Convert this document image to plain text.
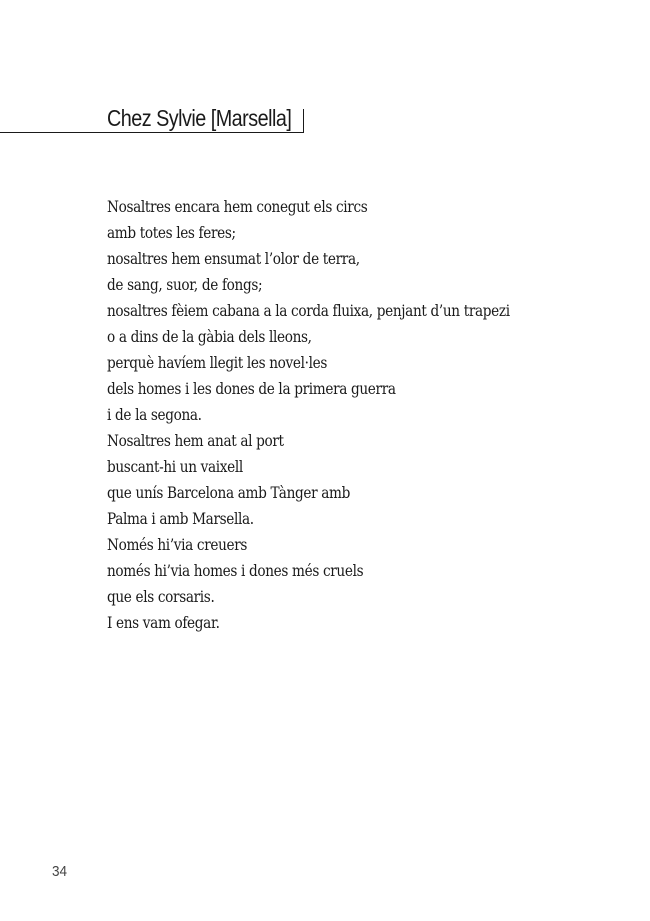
Chez Sylvie [Marsella]
Nosaltres encara hem conegut els circs
amb totes les feres;
nosaltres hem ensumat l’olor de terra,
de sang, suor, de fongs;
nosaltres fèiem cabana a la corda fluixa, penjant d’un trapezi
o a dins de la gàbia dels lleons,
perquè havíem llegit les novel·les
dels homes i les dones de la primera guerra
i de la segona.
Nosaltres hem anat al port
buscant-hi un vaixell
que unís Barcelona amb Tànger amb
Palma i amb Marsella.
Només hi’via creuers
només hi’via homes i dones més cruels
que els corsaris.
I ens vam ofegar.
34
